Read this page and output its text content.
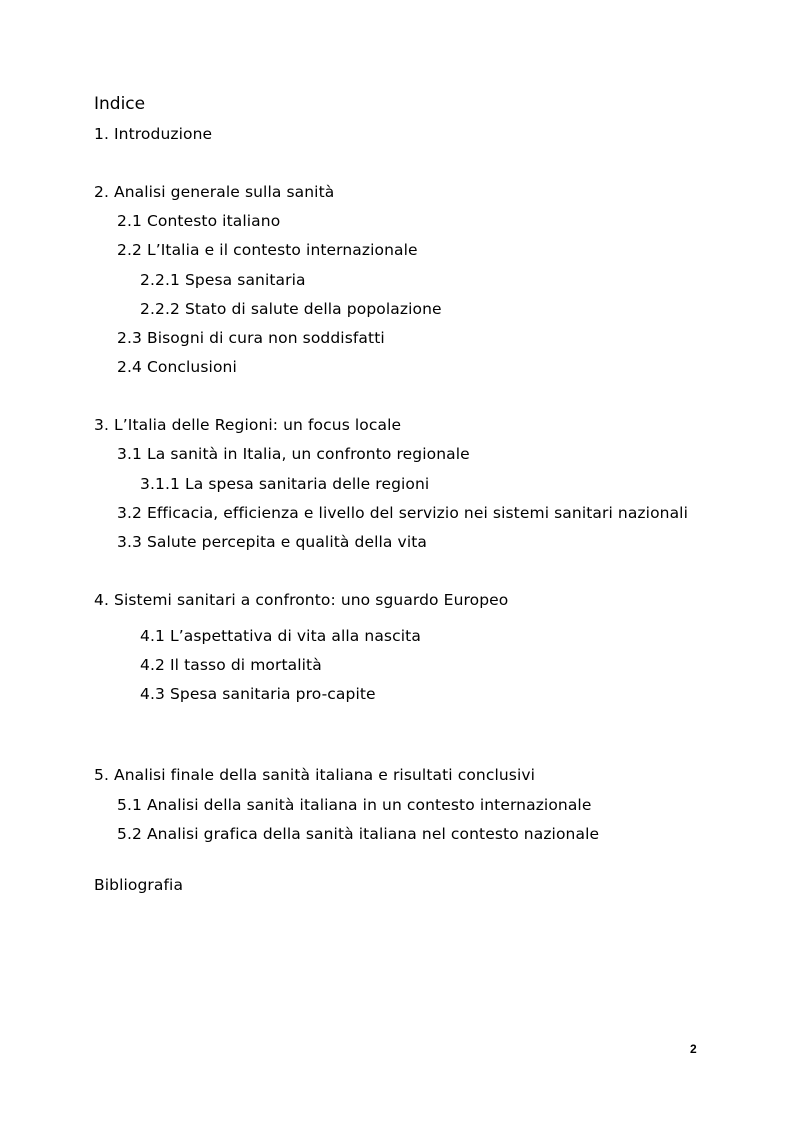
Indice
1. Introduzione
2. Analisi generale sulla sanità
2.1 Contesto italiano
2.2 L’Italia e il contesto internazionale
2.2.1 Spesa sanitaria
2.2.2 Stato di salute della popolazione
2.3 Bisogni di cura non soddisfatti
2.4 Conclusioni
3. L’Italia delle Regioni: un focus locale
3.1 La sanità in Italia, un confronto regionale
3.1.1 La spesa sanitaria delle regioni
3.2 Efficacia, efficienza e livello del servizio nei sistemi sanitari nazionali
3.3 Salute percepita e qualità della vita
4. Sistemi sanitari a confronto: uno sguardo Europeo
4.1 L’aspettativa di vita alla nascita
4.2 Il tasso di mortalità
4.3 Spesa sanitaria pro-capite
5. Analisi finale della sanità italiana e risultati conclusivi
5.1 Analisi della sanità italiana in un contesto internazionale
5.2 Analisi grafica della sanità italiana nel contesto nazionale
Bibliografia
2
